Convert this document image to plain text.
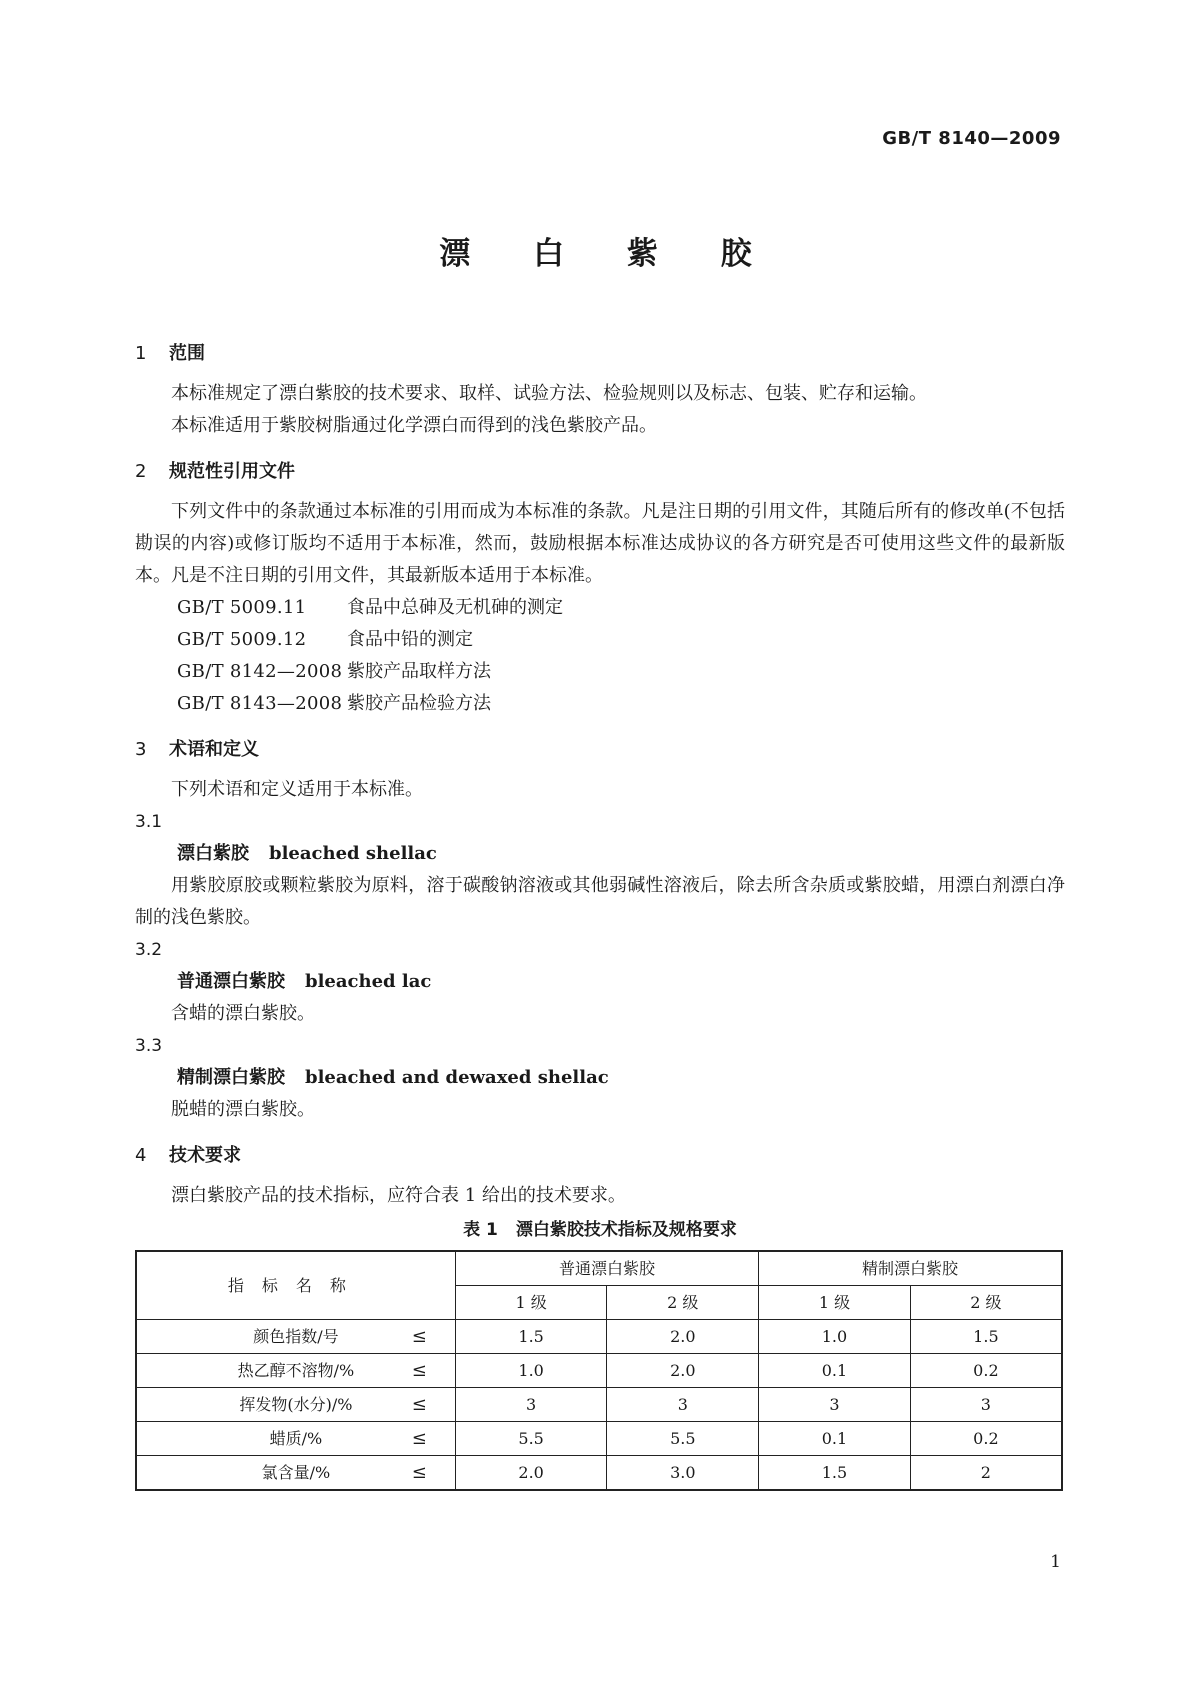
GB/T 8140—2009
漂 白 紫 胶
1 范围

本标准规定了漂白紫胶的技术要求、取样、试验方法、检验规则以及标志、包装、贮存和运输。

本标准适用于紫胶树脂通过化学漂白而得到的浅色紫胶产品。

2 规范性引用文件

下列文件中的条款通过本标准的引用而成为本标准的条款。凡是注日期的引用文件，其随后所有的修改单(不包括勘误的内容)或修订版均不适用于本标准，然而，鼓励根据本标准达成协议的各方研究是否可使用这些文件的最新版本。凡是不注日期的引用文件，其最新版本适用于本标准。

GB/T 5009.11 食品中总砷及无机砷的测定

GB/T 5009.12 食品中铅的测定

GB/T 8142—2008 紫胶产品取样方法

GB/T 8143—2008 紫胶产品检验方法

3 术语和定义

下列术语和定义适用于本标准。

3.1

漂白紫胶 bleached shellac

用紫胶原胶或颗粒紫胶为原料，溶于碳酸钠溶液或其他弱碱性溶液后，除去所含杂质或紫胶蜡，用漂白剂漂白净制的浅色紫胶。

3.2

普通漂白紫胶 bleached lac

含蜡的漂白紫胶。

3.3

精制漂白紫胶 bleached and dewaxed shellac

脱蜡的漂白紫胶。

4 技术要求

漂白紫胶产品的技术指标，应符合表 1 给出的技术要求。

表 1 漂白紫胶技术指标及规格要求
指标名称	普通漂白紫胶		精制漂白紫胶	
	1 级	2 级	1 级	2 级
颜色指数/号 ≤	1.5	2.0	1.0	1.5
热乙醇不溶物/% ≤	1.0	2.0	0.1	0.2
挥发物(水分)/% ≤	3	3	3	3
蜡质/% ≤	5.5	5.5	0.1	0.2
氯含量/% ≤	2.0	3.0	1.5	2
1
